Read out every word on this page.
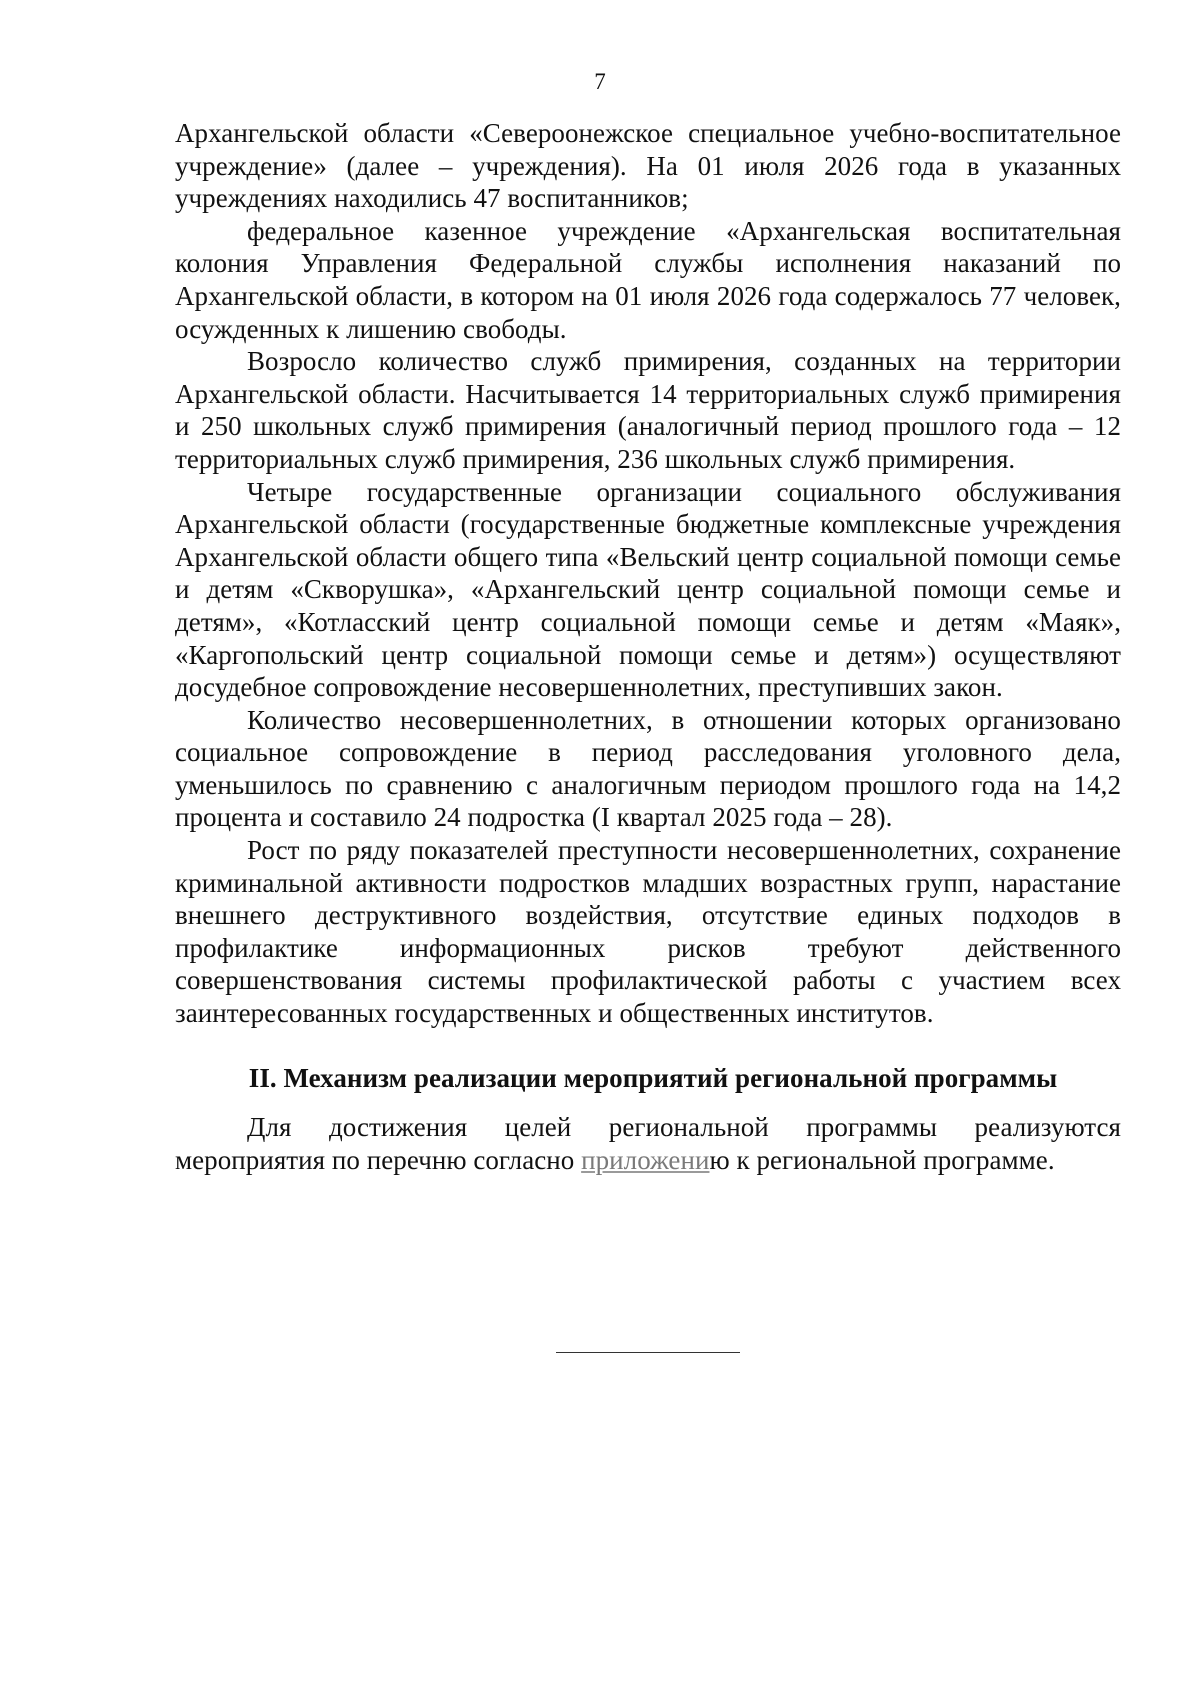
7

Архангельской области «Североонежское специальное учебно-воспитательное учреждение» (далее – учреждения). На 01 июля 2026 года в указанных учреждениях находились 47 воспитанников;

федеральное казенное учреждение «Архангельская воспитательная колония Управления Федеральной службы исполнения наказаний по Архангельской области, в котором на 01 июля 2026 года содержалось 77 человек, осужденных к лишению свободы.

Возросло количество служб примирения, созданных на территории Архангельской области. Насчитывается 14 территориальных служб примирения и 250 школьных служб примирения (аналогичный период прошлого года – 12 территориальных служб примирения, 236 школьных служб примирения.

Четыре государственные организации социального обслуживания Архангельской области (государственные бюджетные комплексные учреждения Архангельской области общего типа «Вельский центр социальной помощи семье и детям «Скворушка», «Архангельский центр социальной помощи семье и детям», «Котласский центр социальной помощи семье и детям «Маяк», «Каргопольский центр социальной помощи семье и детям») осуществляют досудебное сопровождение несовершеннолетних, преступивших закон.

Количество несовершеннолетних, в отношении которых организовано социальное сопровождение в период расследования уголовного дела, уменьшилось по сравнению с аналогичным периодом прошлого года на 14,2 процента и составило 24 подростка (I квартал 2025 года – 28).

Рост по ряду показателей преступности несовершеннолетних, сохранение криминальной активности подростков младших возрастных групп, нарастание внешнего деструктивного воздействия, отсутствие единых подходов в профилактике информационных рисков требуют действенного совершенствования системы профилактической работы с участием всех заинтересованных государственных и общественных институтов.

II. Механизм реализации мероприятий региональной программы

Для достижения целей региональной программы реализуются мероприятия по перечню согласно приложению к региональной программе.
